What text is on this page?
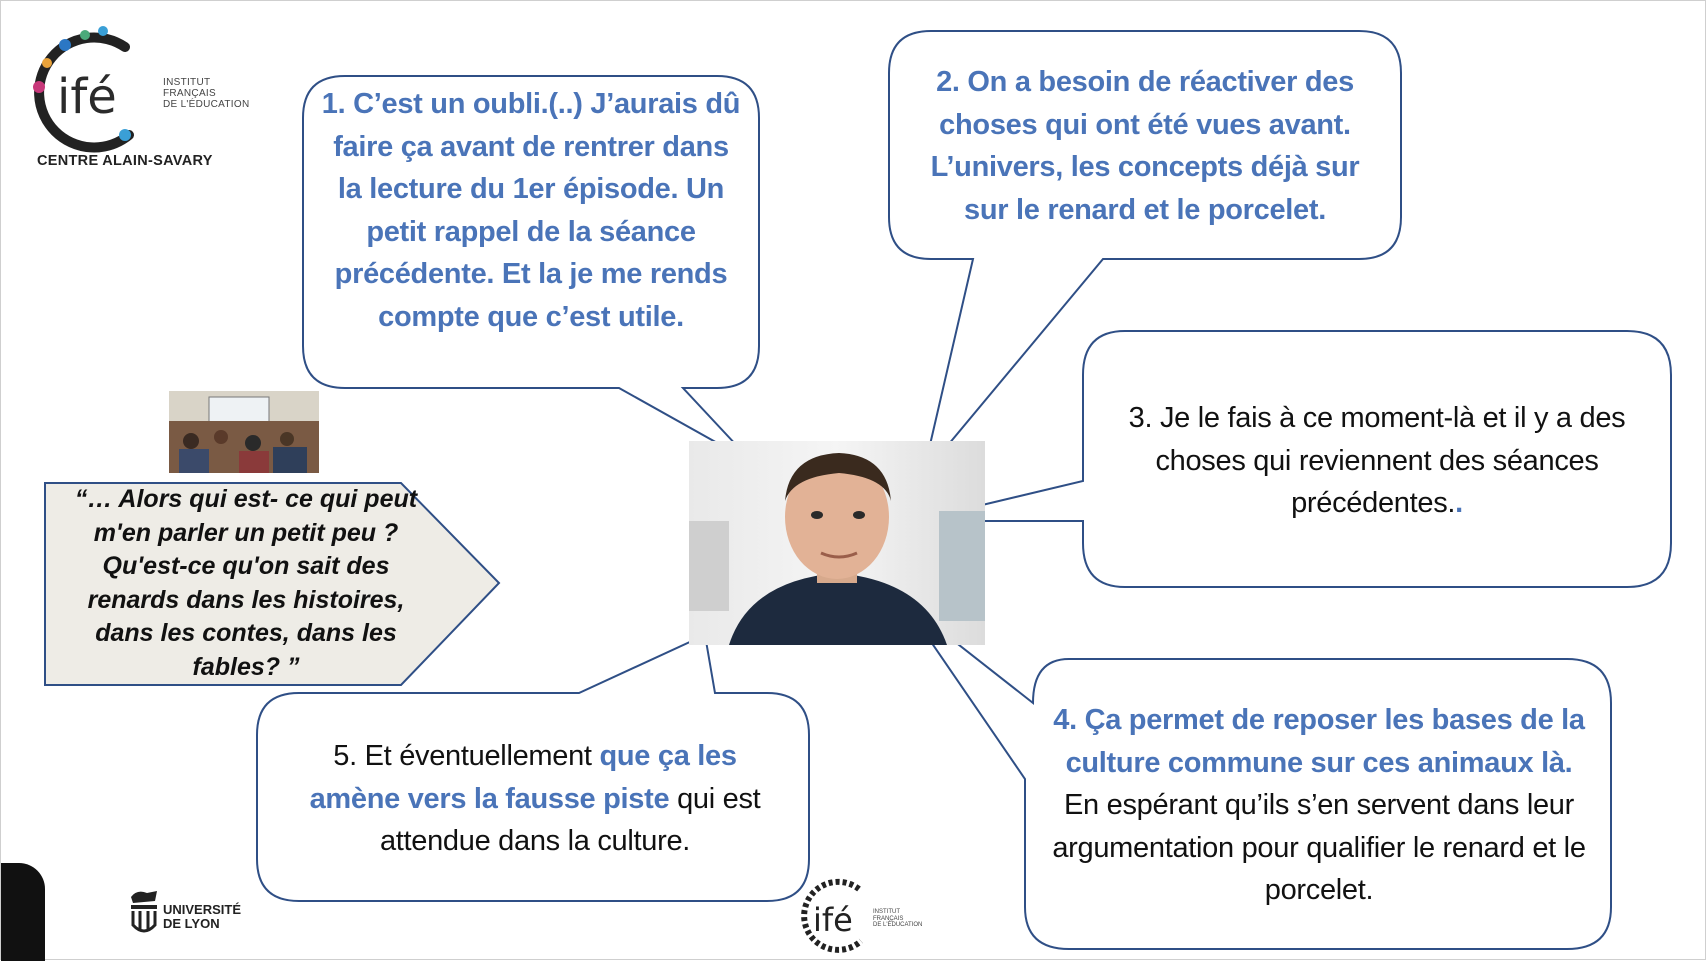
ifé	INSTITUT
FRANÇAIS
DE L'ÉDUCATION
CENTRE ALAIN-SAVARY
1. C’est un oubli.(..) J’aurais dû faire ça avant de rentrer dans la lecture du 1er épisode. Un petit rappel de la séance précédente. Et la je me rends compte que c’est utile.
2. On a besoin de réactiver des choses qui ont été vues avant. L’univers, les concepts déjà sur sur le renard et le porcelet.
3. Je le fais à ce moment-là et il y a des choses qui reviennent des séances précédentes..
4. Ça permet de reposer les bases de la culture commune sur ces animaux là. En espérant qu’ils s’en servent dans leur argumentation pour qualifier le renard et le porcelet.
5. Et éventuellement que ça les amène vers la fausse piste qui est attendue dans la culture.
“… Alors qui est- ce qui peut m'en parler un petit peu ? Qu'est-ce qu'on sait des renards dans les histoires, dans les contes, dans les fables? ”
UNIVERSITÉ
DE LYON	ifé	INSTITUT
FRANÇAIS
DE L'ÉDUCATION
